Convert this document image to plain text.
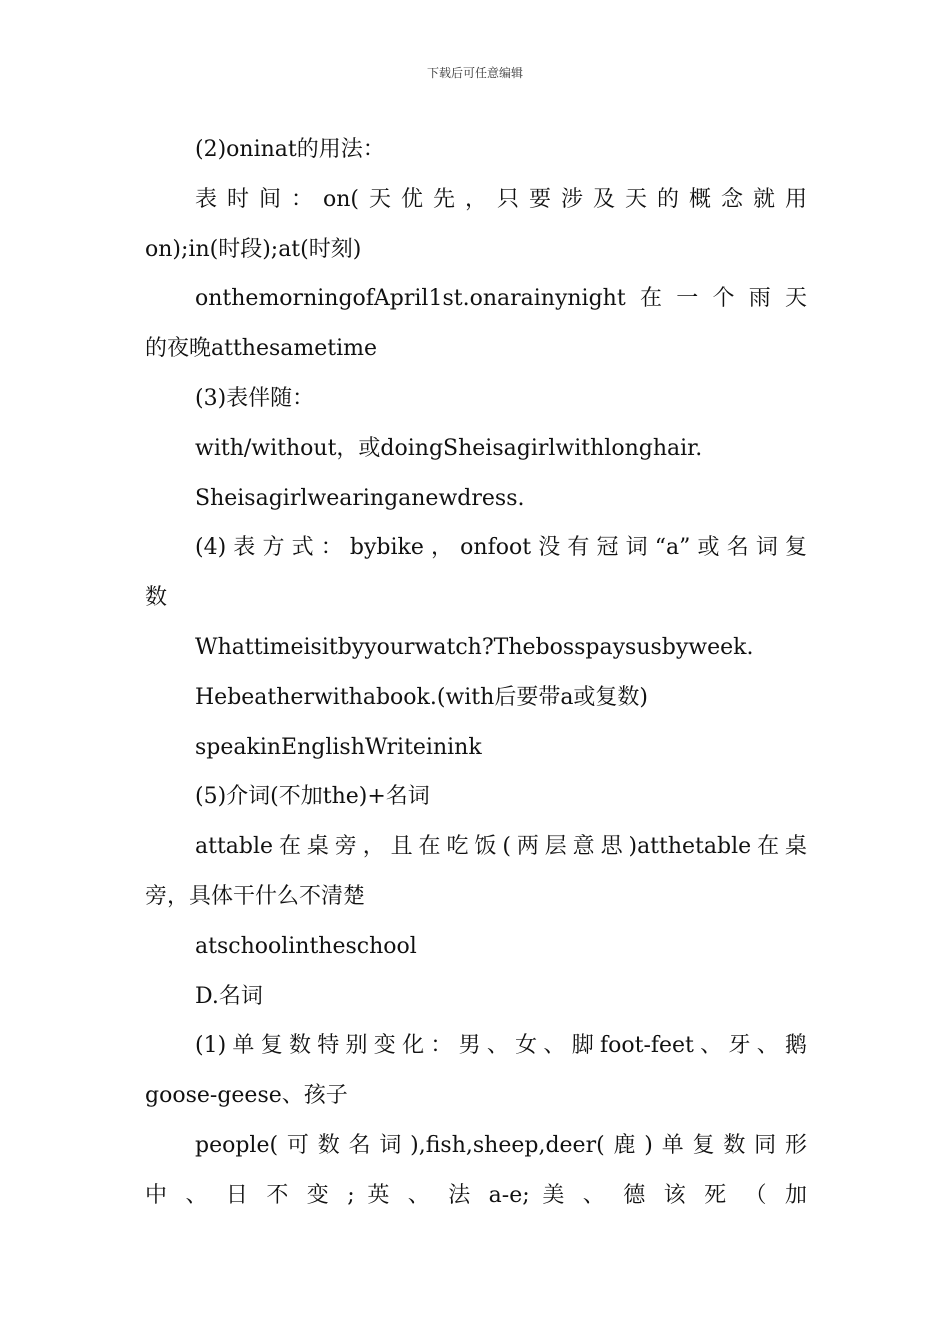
下载后可任意编辑

(2)oninat的用法：

表时间：on(天优先，只要涉及天的概念就用

on);in(时段);at(时刻)

onthemorningofApril1st.onarainynight在一个雨天

的夜晚atthesametime

(3)表伴随：

with/without，或doingSheisagirlwithlonghair.

Sheisagirlwearinganewdress.

(4)表方式：bybike，onfoot没有冠词“a”或名词复

数

Whattimeisitbyyourwatch?Thebosspaysusbyweek.

Hebeatherwithabook.(with后要带a或复数)

speakinEnglishWriteinink

(5)介词(不加the)+名词

attable在桌旁，且在吃饭(两层意思)atthetable在桌

旁，具体干什么不清楚

atschoolintheschool

D.名词

(1)单复数特别变化：男、女、脚foot-feet、牙、鹅

goose-geese、孩子

people(可数名词),fish,sheep,deer(鹿)单复数同形

中 、 日 不 变 ; 英 、 法 a-e; 美 、 德 该 死 （ 加
